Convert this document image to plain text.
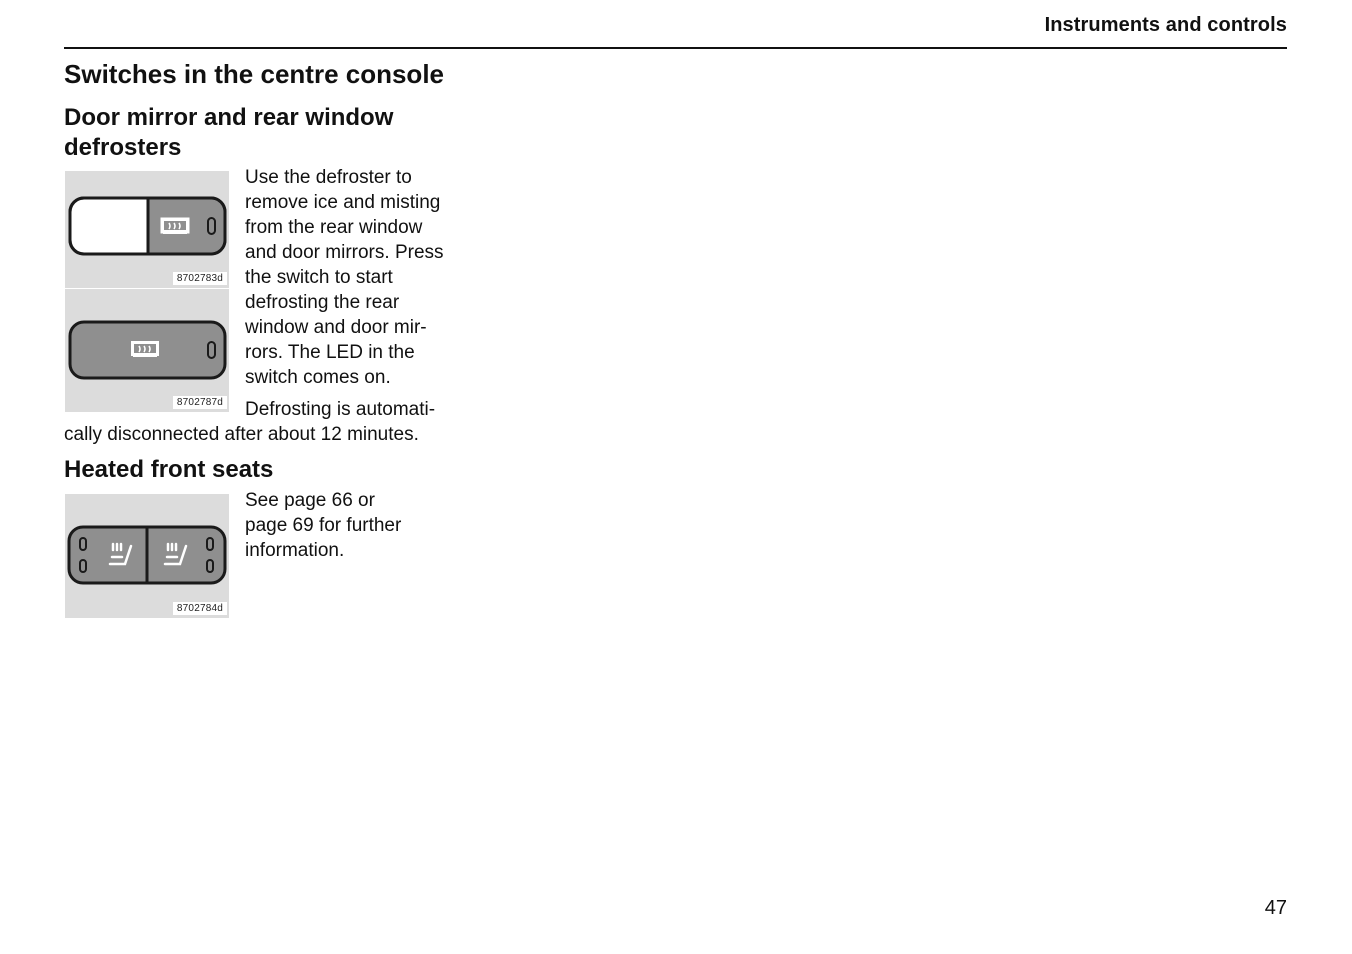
Instruments and controls
Switches in the centre console
Door mirror and rear window defrosters
8702783d
8702787d

Use the defroster to
remove ice and misting
from the rear window
and door mirrors. Press
the switch to start
defrosting the rear
window and door mir-
rors. The LED in the
switch comes on.

Defrosting is automati-

cally disconnected after about 12 minutes.

Heated front seats
8702784d

See page 66 or
page 69 for further
information.

47
